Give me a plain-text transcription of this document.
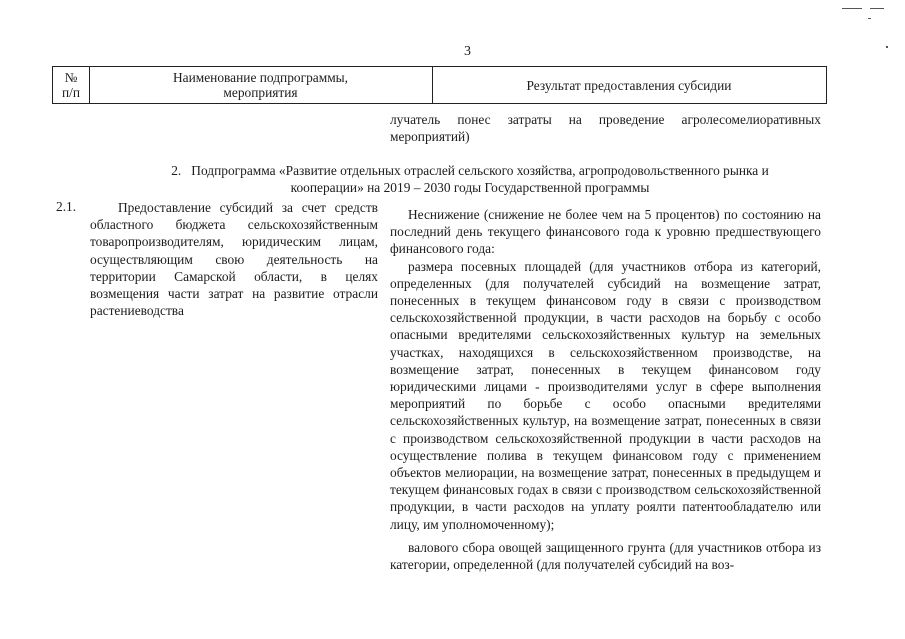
3
№
п/п
Наименование подпрограммы,
мероприятия	Результат предоставления субсидии

лучатель понес затраты на проведение агролесомелиоративных мероприятий)

2.   Подпрограмма «Развитие отдельных отраслей сельского хозяйства, агропродовольственного рынка и
кооперации» на 2019 – 2030 годы Государственной программы
2.1.	Предоставление субсидий за счет средств областного бюджета сельскохозяйственным товаропроизводителям, юридическим лицам, осуществляющим свою деятельность на территории Самарской области, в целях возмещения части затрат на развитие отрасли растениеводства

Неснижение (снижение не более чем на 5 процентов) по состоянию на последний день текущего финансового года к уровню предшествующего финансового года:

размера посевных площадей (для участников отбора из категорий, определенных (для получателей субсидий на возмещение затрат, понесенных в текущем финансовом году в связи с производством сельскохозяйственной продукции, в части расходов на борьбу с особо опасными вредителями сельскохозяйственных культур на земельных участках, находящихся в сельскохозяйственном производстве, на возмещение затрат, понесенных в текущем финансовом году юридическими лицами - производителями услуг в сфере выполнения мероприятий по борьбе с особо опасными вредителями сельскохозяйственных культур, на возмещение затрат, понесенных в связи с производством сельскохозяйственной продукции в части расходов на осуществление полива в текущем финансовом году с применением объектов мелиорации, на возмещение затрат, понесенных в предыдущем и текущем финансовых годах в связи с производством сельскохозяйственной продукции, в части расходов на уплату роялти патентообладателю или лицу, им уполномоченному);

валового сбора овощей защищенного грунта (для участников отбора из категории, определенной (для получателей субсидий на воз-
